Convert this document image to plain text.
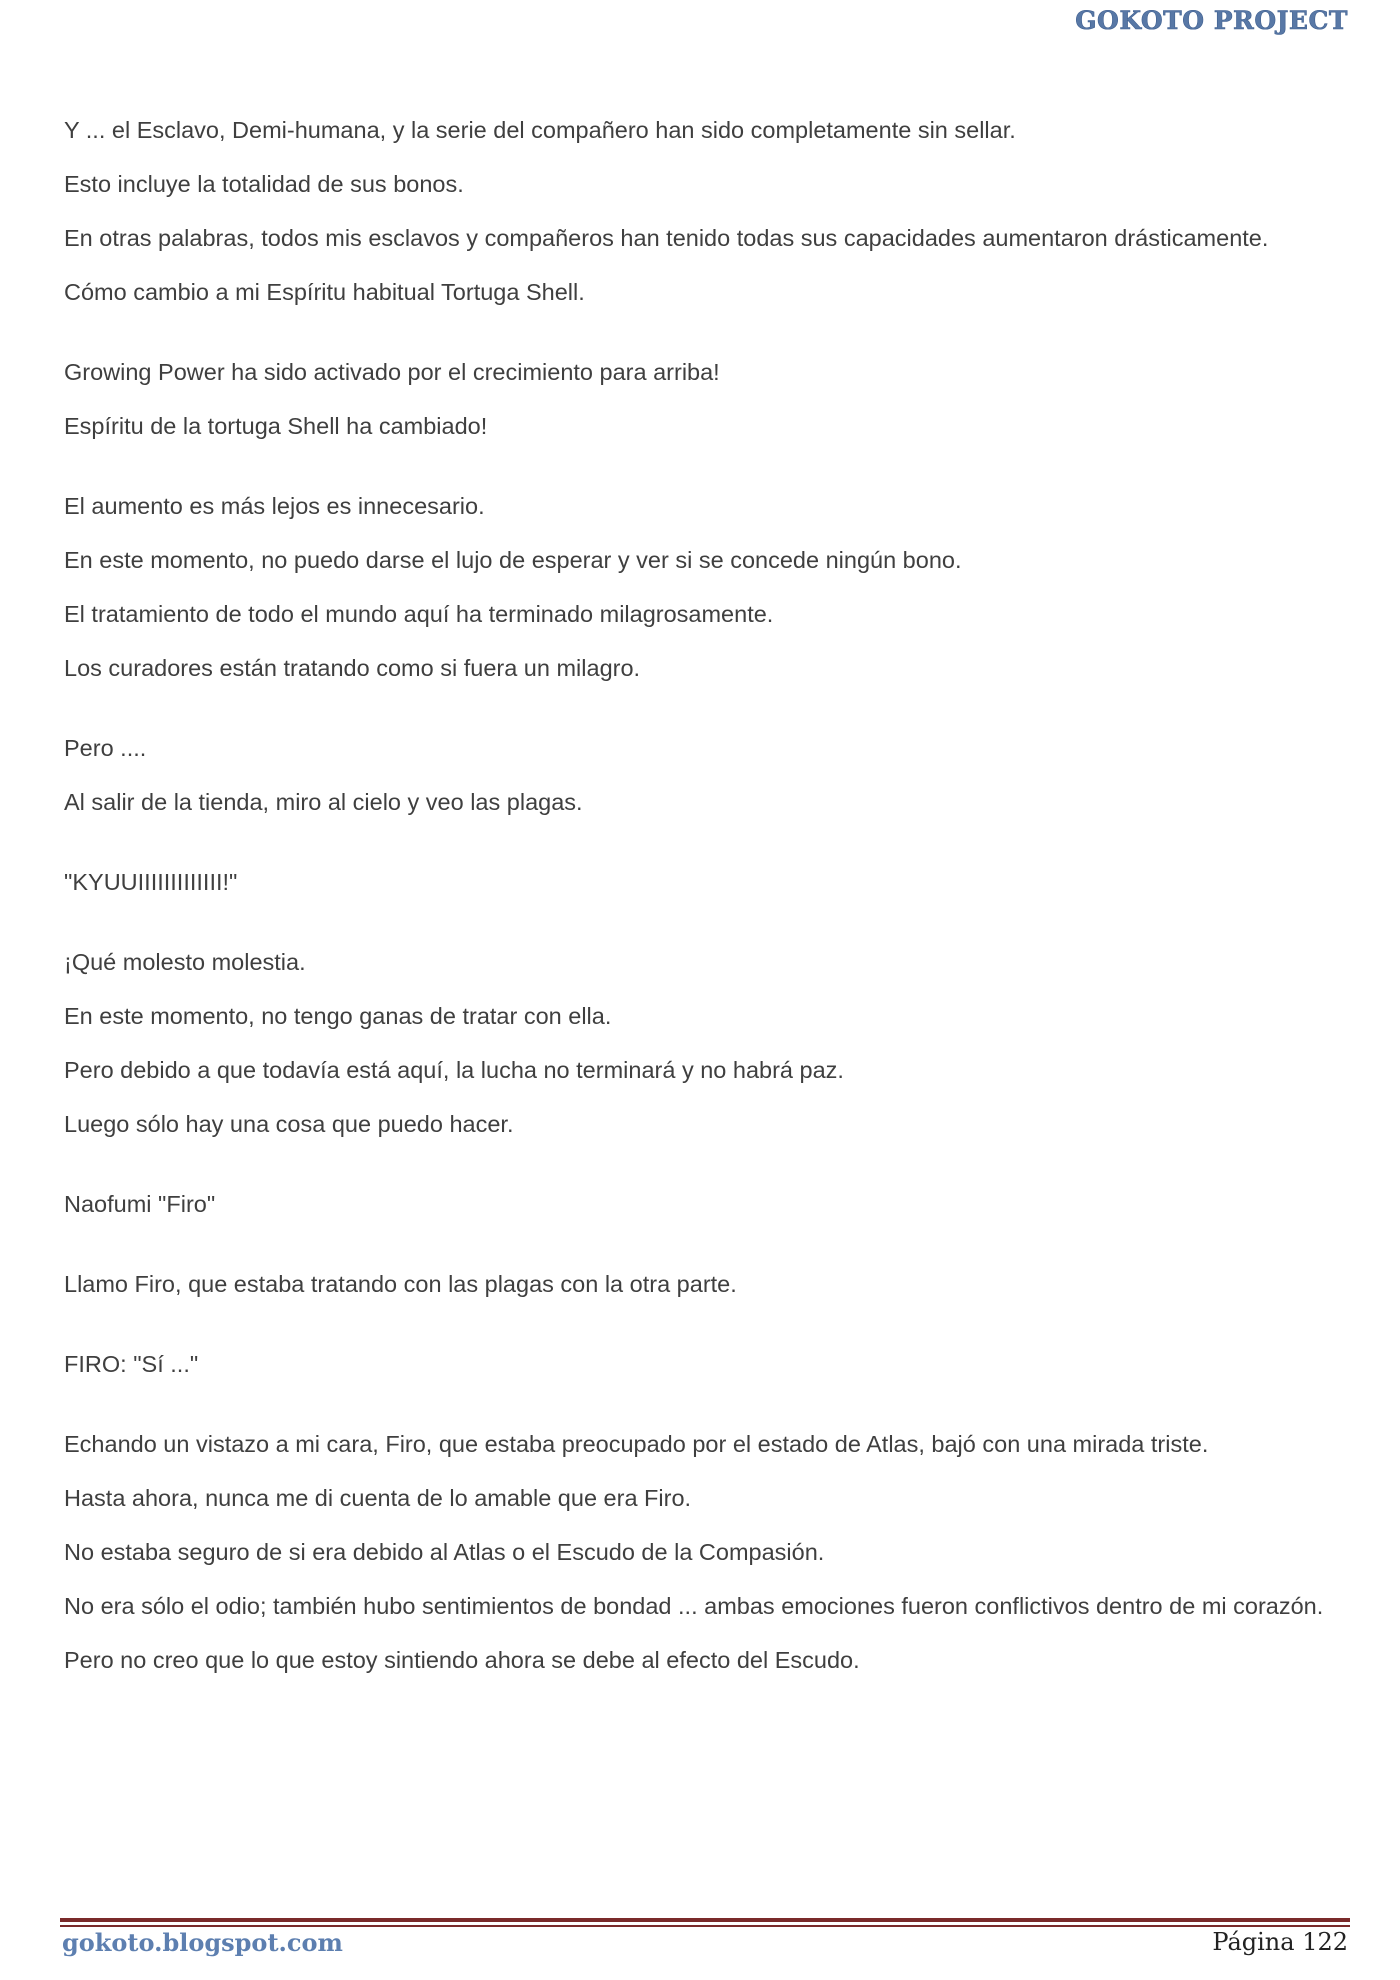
GOKOTO PROJECT

Y ... el Esclavo, Demi-humana, y la serie del compañero han sido completamente sin sellar.

Esto incluye la totalidad de sus bonos.

En otras palabras, todos mis esclavos y compañeros han tenido todas sus capacidades aumentaron drásticamente.

Cómo cambio a mi Espíritu habitual Tortuga Shell.

Growing Power ha sido activado por el crecimiento para arriba!

Espíritu de la tortuga Shell ha cambiado!

El aumento es más lejos es innecesario.

En este momento, no puedo darse el lujo de esperar y ver si se concede ningún bono.

El tratamiento de todo el mundo aquí ha terminado milagrosamente.

Los curadores están tratando como si fuera un milagro.

Pero ....

Al salir de la tienda, miro al cielo y veo las plagas.

"KYUUIIIIIIIIIIIII!"

¡Qué molesto molestia.

En este momento, no tengo ganas de tratar con ella.

Pero debido a que todavía está aquí, la lucha no terminará y no habrá paz.

Luego sólo hay una cosa que puedo hacer.

Naofumi "Firo"

Llamo Firo, que estaba tratando con las plagas con la otra parte.

FIRO: "Sí ..."

Echando un vistazo a mi cara, Firo, que estaba preocupado por el estado de Atlas, bajó con una mirada triste.

Hasta ahora, nunca me di cuenta de lo amable que era Firo.

No estaba seguro de si era debido al Atlas o el Escudo de la Compasión.

No era sólo el odio; también hubo sentimientos de bondad ... ambas emociones fueron conflictivos dentro de mi corazón.

Pero no creo que lo que estoy sintiendo ahora se debe al efecto del Escudo.

gokoto.blogspot.com	Página 122
